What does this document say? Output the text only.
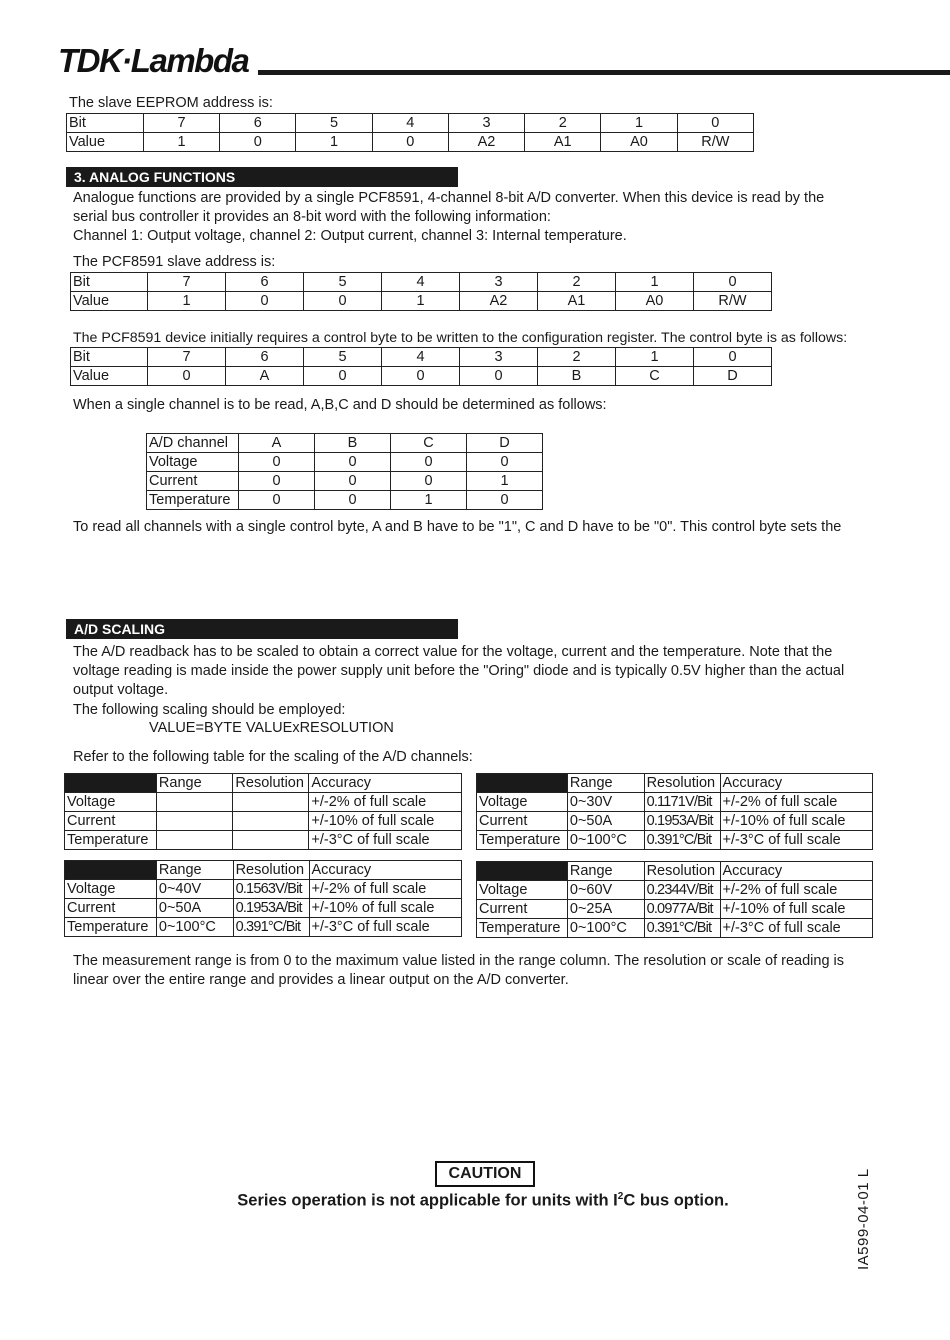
TDK·Lambda
The slave EEPROM address is:
Bit	7	6	5	4	3	2	1	0
Value	1	0	1	0	A2	A1	A0	R/W
3. ANALOG FUNCTIONS
Analogue functions are provided by a single PCF8591, 4-channel 8-bit A/D converter. When this device is read by the
serial bus controller it provides an 8-bit word with the following information:
Channel 1: Output voltage, channel 2: Output current, channel 3: Internal temperature.
The PCF8591 slave address is:
Bit	7	6	5	4	3	2	1	0
Value	1	0	0	1	A2	A1	A0	R/W
The PCF8591 device initially requires a control byte to be written to the configuration register. The control byte is as follows:
Bit	7	6	5	4	3	2	1	0
Value	0	A	0	0	0	B	C	D
When a single channel is to be read, A,B,C and D should be determined as follows:
A/D channel	A	B	C	D
Voltage	0	0	0	0
Current	0	0	0	1
Temperature	0	0	1	0
To read all channels with a single control byte, A and B have to be "1", C and D have to be "0". This control byte sets the
A/D SCALING
The A/D readback has to be scaled to obtain a correct value for the voltage, current and the temperature. Note that the
voltage reading is made inside the power supply unit before the "Oring" diode and is typically 0.5V higher than the actual
output voltage.
The following scaling should be employed:
VALUE=BYTE VALUExRESOLUTION
Refer to the following table for the scaling of the A/D channels:
	Range	Resolution	Accuracy
Voltage			+/-2% of full scale
Current			+/-10% of full scale
Temperature			+/-3°C of full scale
	Range	Resolution	Accuracy
Voltage	0~30V	0.1171V/Bit	+/-2% of full scale
Current	0~50A	0.1953A/Bit	+/-10% of full scale
Temperature	0~100°C	0.391°C/Bit	+/-3°C of full scale
	Range	Resolution	Accuracy
Voltage	0~40V	0.1563V/Bit	+/-2% of full scale
Current	0~50A	0.1953A/Bit	+/-10% of full scale
Temperature	0~100°C	0.391°C/Bit	+/-3°C of full scale
	Range	Resolution	Accuracy
Voltage	0~60V	0.2344V/Bit	+/-2% of full scale
Current	0~25A	0.0977A/Bit	+/-10% of full scale
Temperature	0~100°C	0.391°C/Bit	+/-3°C of full scale
The measurement range is from 0 to the maximum value listed in the range column. The resolution or scale of reading is
linear over the entire range and provides a linear output on the A/D converter.
CAUTION
Series operation is not applicable for units with $I^2C$ bus option.	IA599-04-01 L
